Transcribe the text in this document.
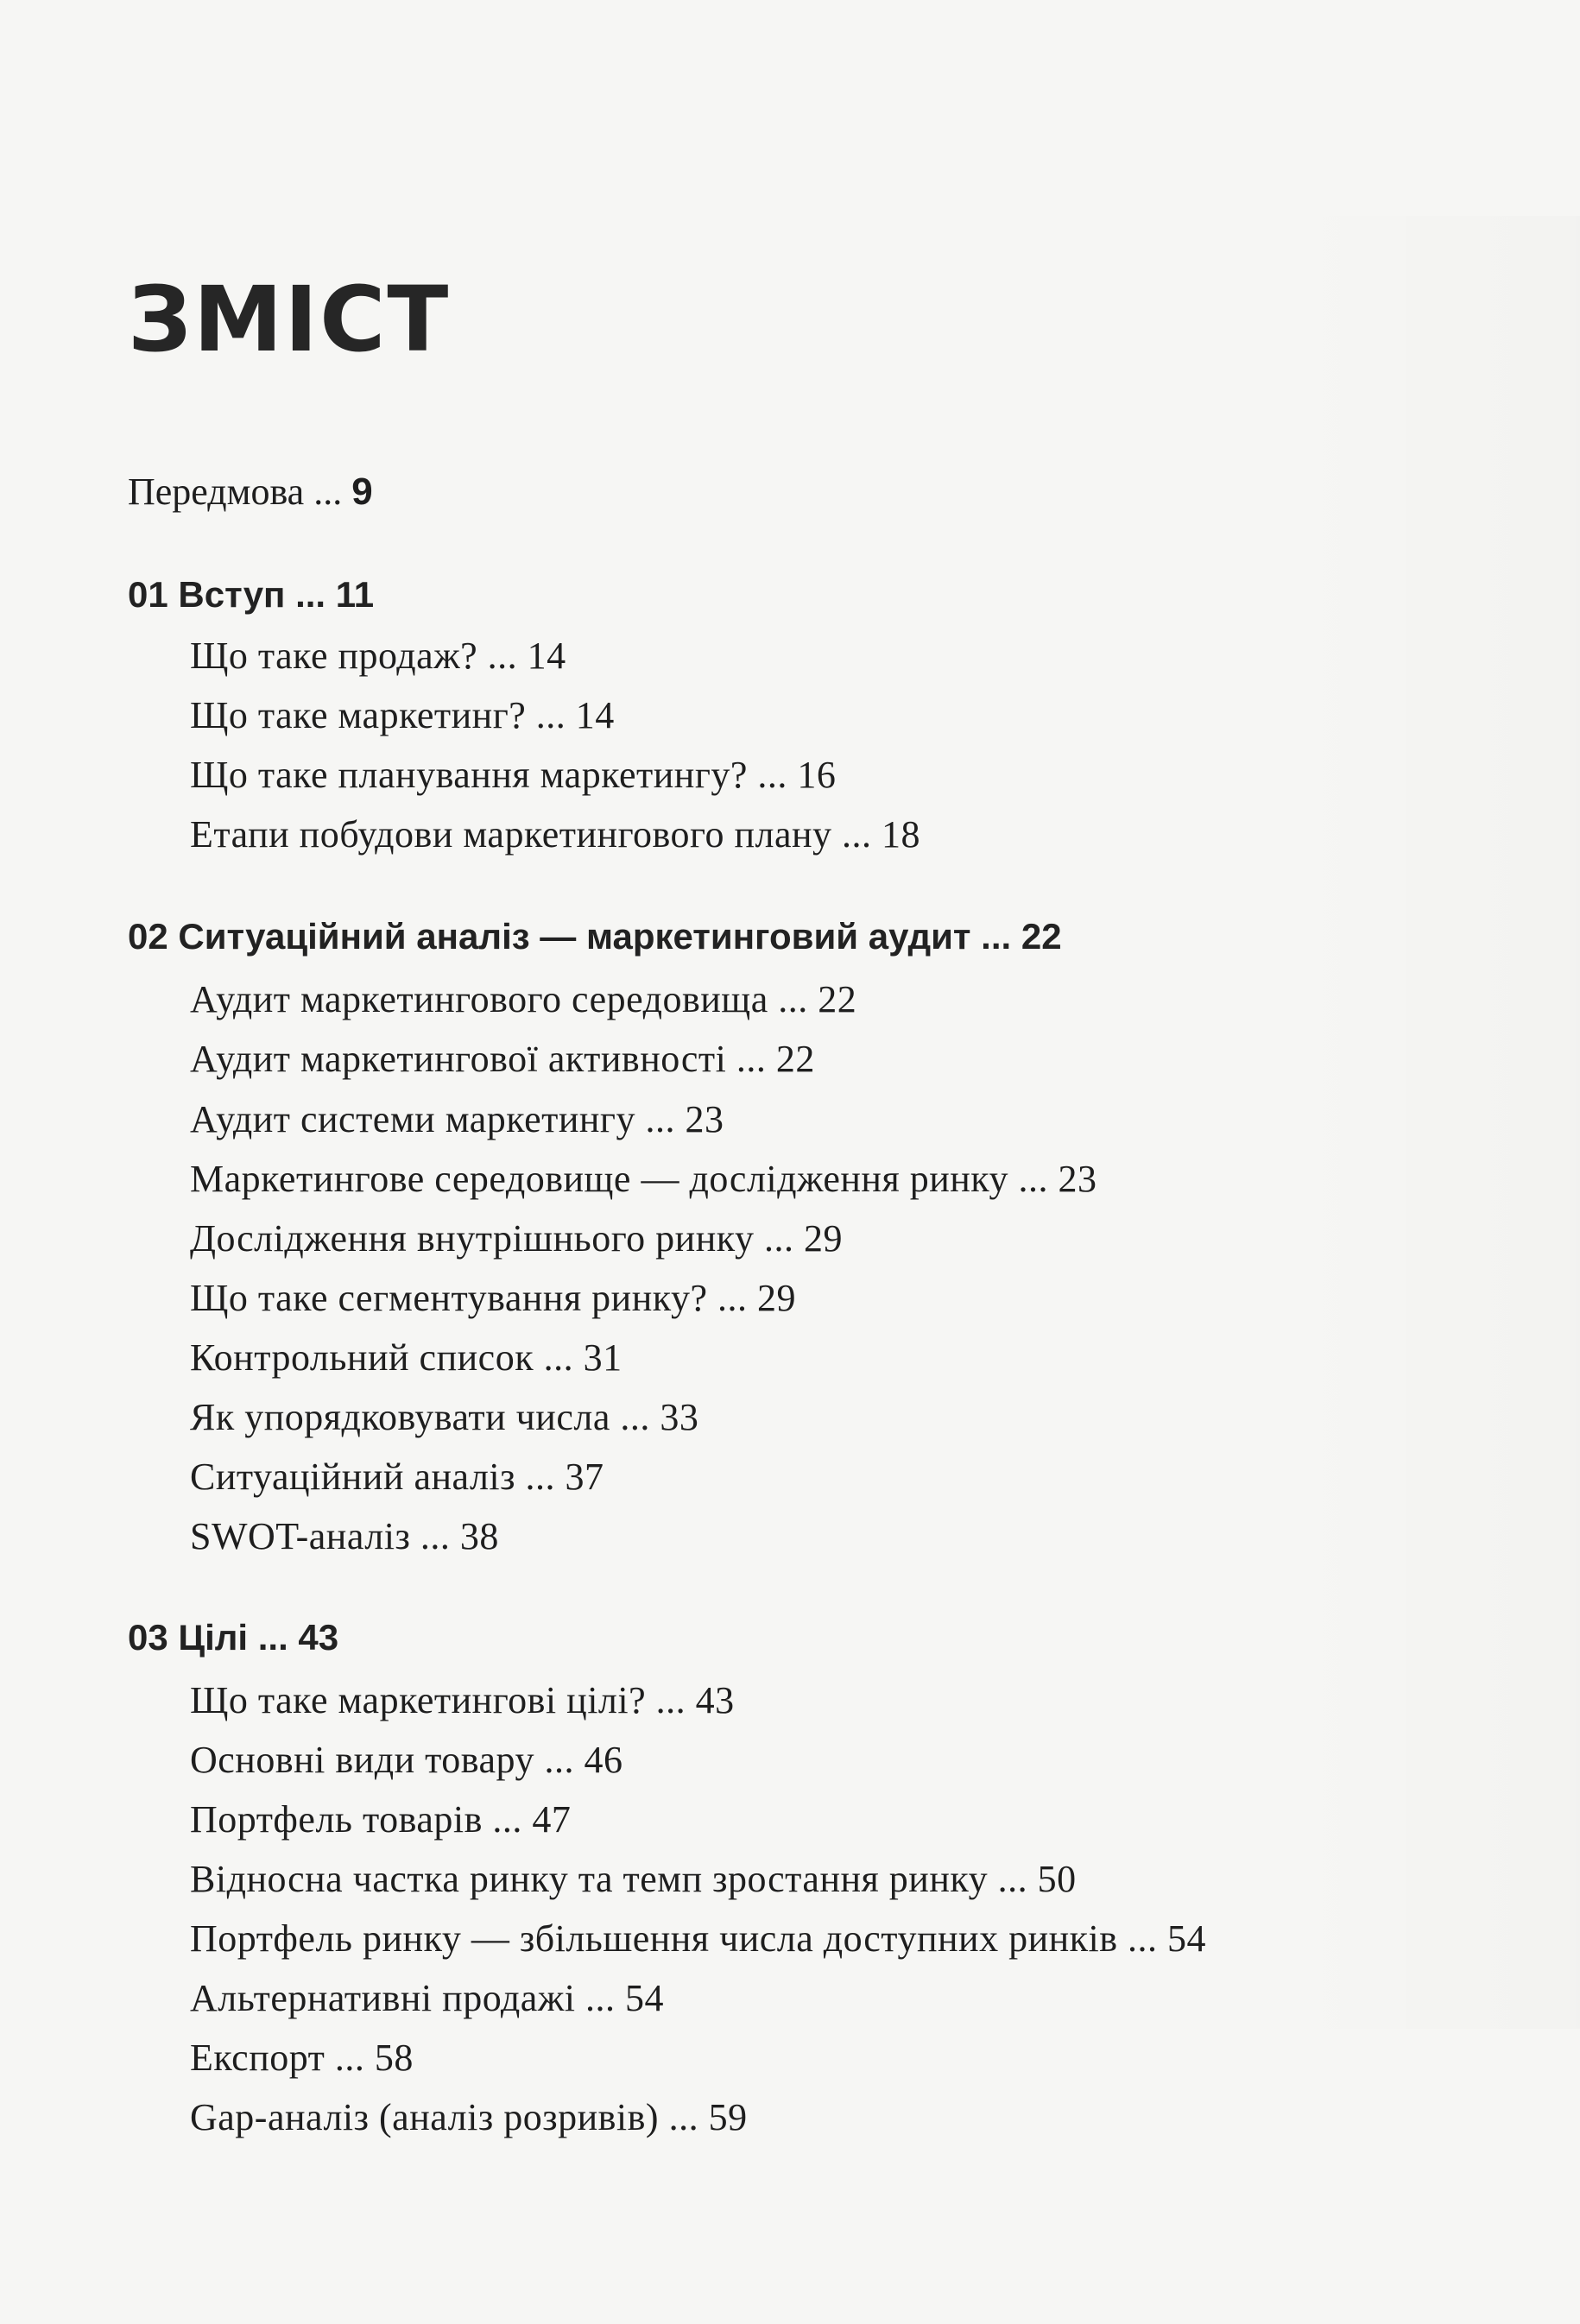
ЗМІСТ
Передмова ... 9
01 Вступ ... 11
Що таке продаж? ... 14
Що таке маркетинг? ... 14
Що таке планування маркетингу? ... 16
Етапи побудови маркетингового плану ... 18
02 Ситуаційний аналіз — маркетинговий аудит ... 22
Аудит маркетингового середовища ... 22
Аудит маркетингової активності ... 22
Аудит системи маркетингу ... 23
Маркетингове середовище — дослідження ринку ... 23
Дослідження внутрішнього ринку ... 29
Що таке сегментування ринку? ... 29
Контрольний список ... 31
Як упорядковувати числа ... 33
Ситуаційний аналіз ... 37
SWOT-аналіз ... 38
03 Цілі ... 43
Що таке маркетингові цілі? ... 43
Основні види товару ... 46
Портфель товарів ... 47
Відносна частка ринку та темп зростання ринку ... 50
Портфель ринку — збільшення числа доступних ринків ... 54
Альтернативні продажі ... 54
Експорт ... 58
Gap-аналіз (аналіз розривів) ... 59
